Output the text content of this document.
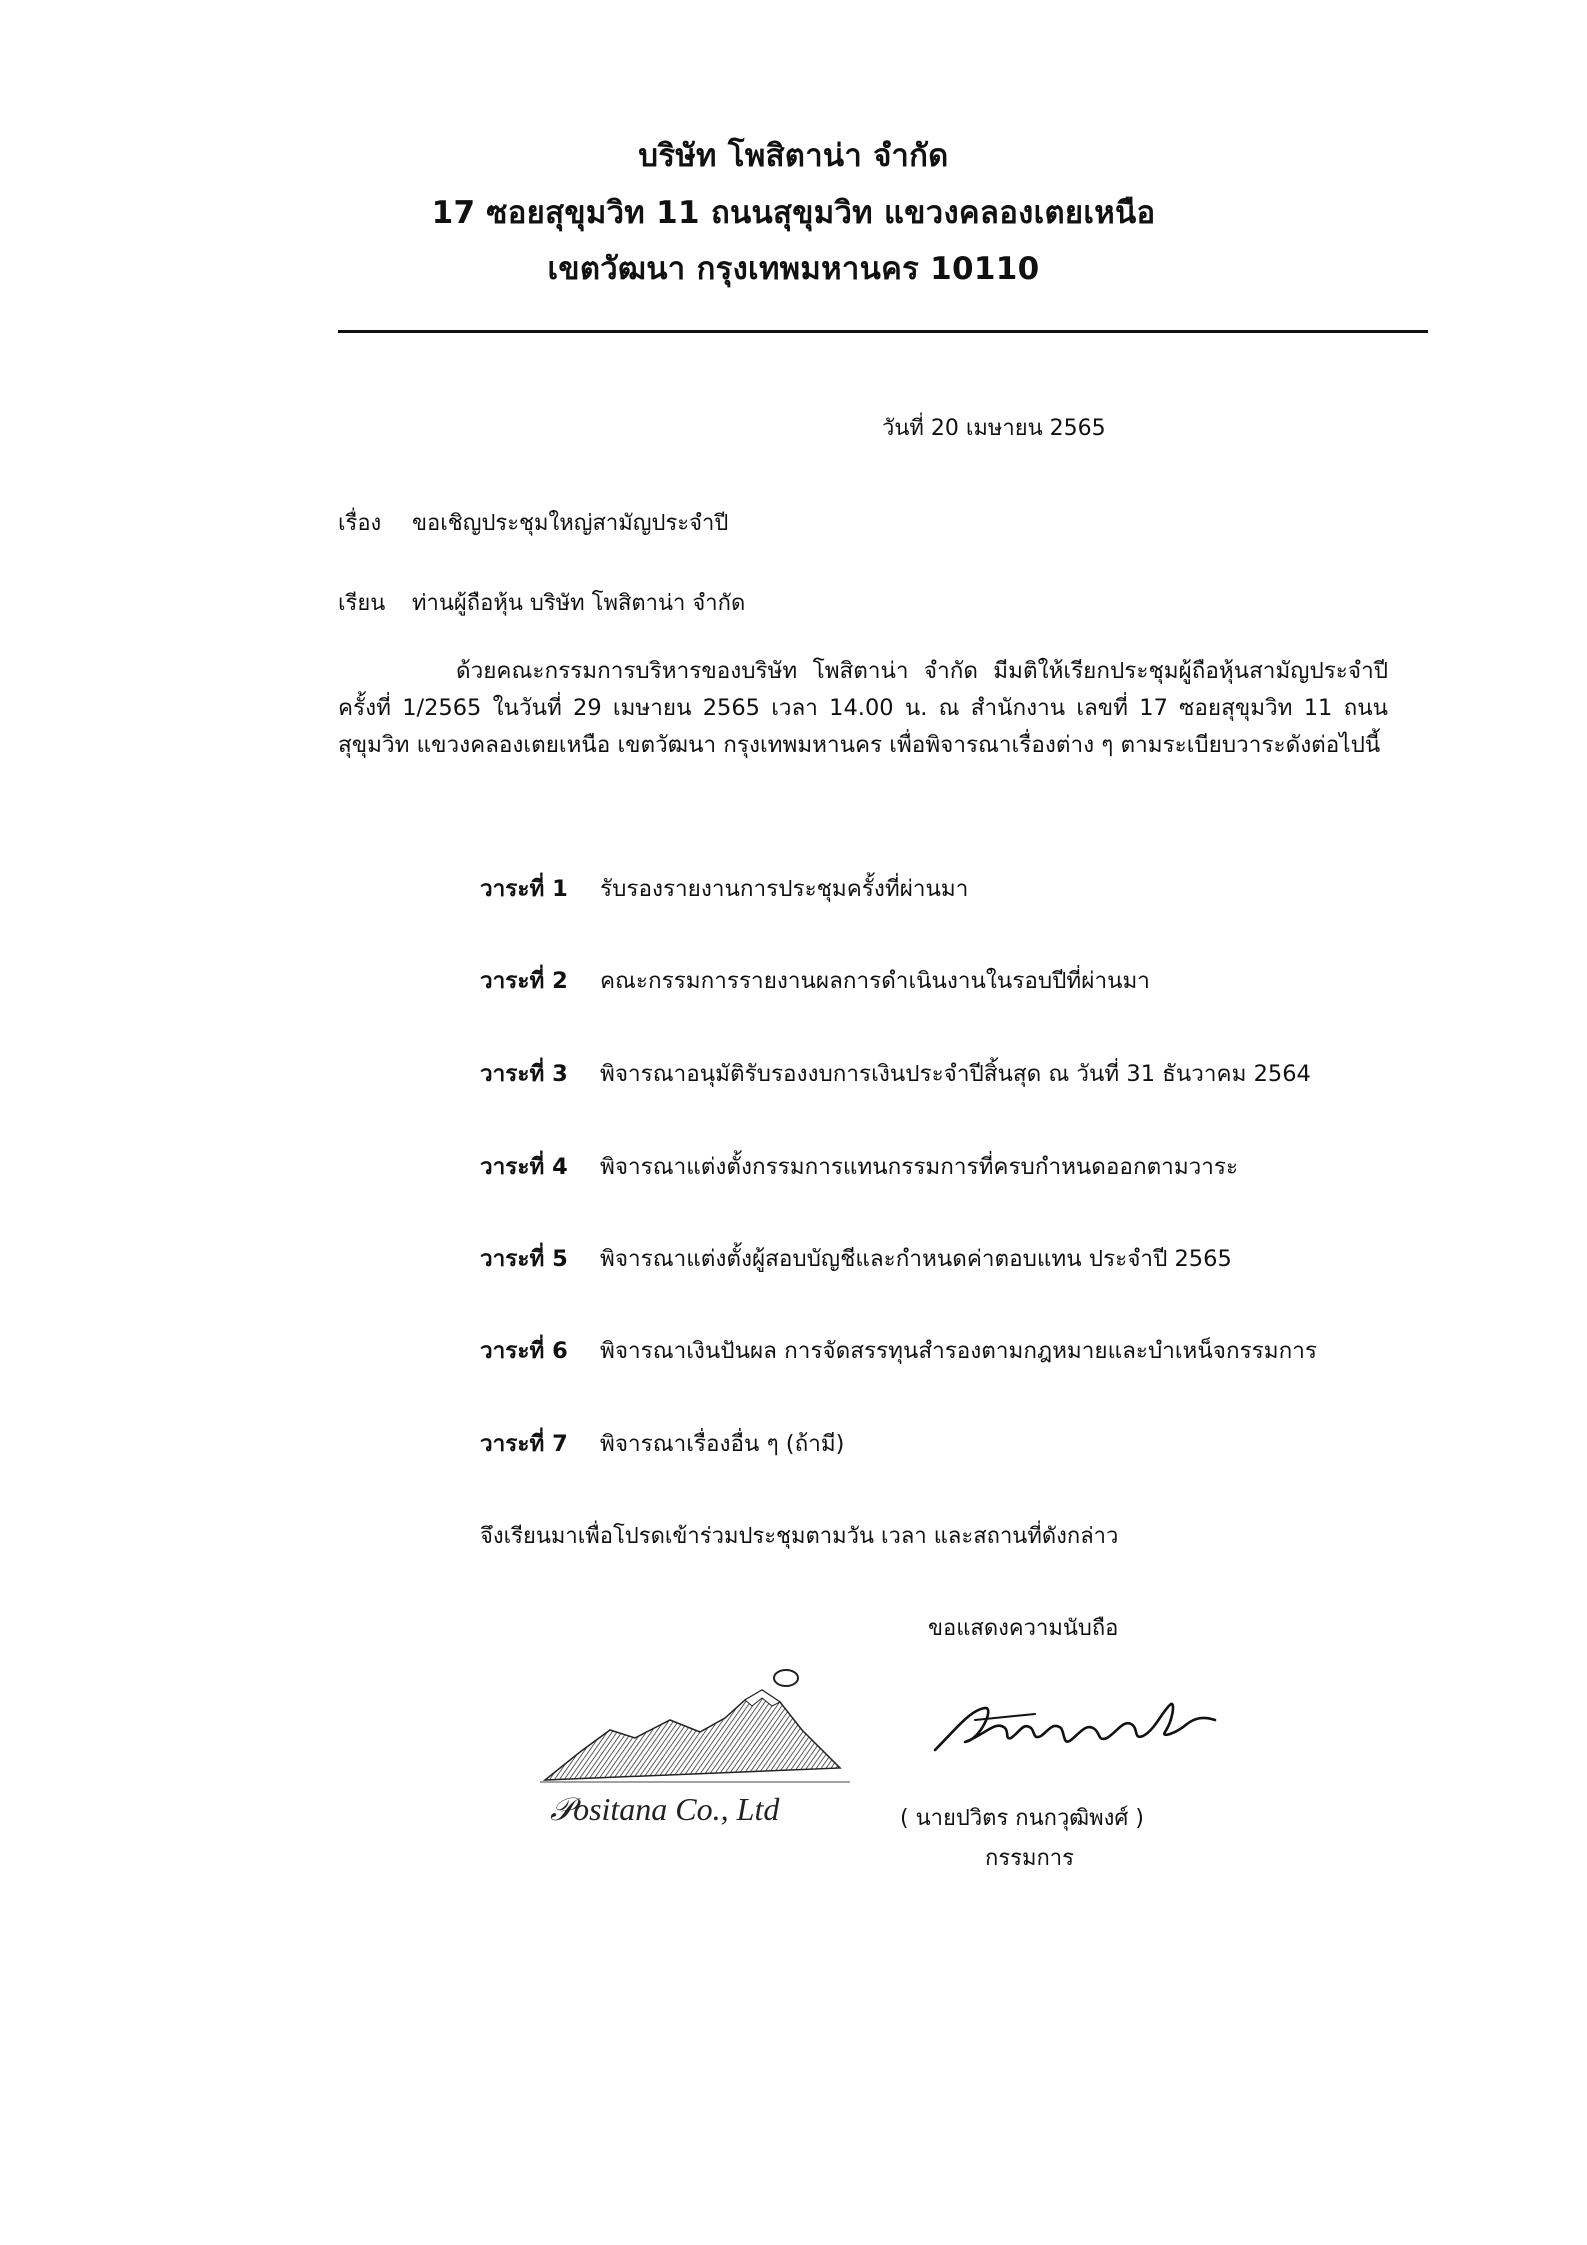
บริษัท โพสิตาน่า จำกัด
17 ซอยสุขุมวิท 11 ถนนสุขุมวิท แขวงคลองเตยเหนือ
เขตวัฒนา กรุงเทพมหานคร 10110
วันที่ 20 เมษายน 2565
เรื่อง ขอเชิญประชุมใหญ่สามัญประจำปี
เรียน ท่านผู้ถือหุ้น บริษัท โพสิตาน่า จำกัด
ด้วยคณะกรรมการบริหารของบริษัท โพสิตาน่า จำกัด มีมติให้เรียกประชุมผู้ถือหุ้นสามัญประจำปี ครั้งที่ 1/2565 ในวันที่ 29 เมษายน 2565 เวลา 14.00 น. ณ สำนักงาน เลขที่ 17 ซอยสุขุมวิท 11 ถนนสุขุมวิท แขวงคลองเตยเหนือ เขตวัฒนา กรุงเทพมหานคร เพื่อพิจารณาเรื่องต่าง ๆ ตามระเบียบวาระดังต่อไปนี้
วาระที่ 1 รับรองรายงานการประชุมครั้งที่ผ่านมา
วาระที่ 2 คณะกรรมการรายงานผลการดำเนินงานในรอบปีที่ผ่านมา
วาระที่ 3 พิจารณาอนุมัติรับรองงบการเงินประจำปีสิ้นสุด ณ วันที่ 31 ธันวาคม 2564
วาระที่ 4 พิจารณาแต่งตั้งกรรมการแทนกรรมการที่ครบกำหนดออกตามวาระ
วาระที่ 5 พิจารณาแต่งตั้งผู้สอบบัญชีและกำหนดค่าตอบแทน ประจำปี 2565
วาระที่ 6 พิจารณาเงินปันผล การจัดสรรทุนสำรองตามกฎหมายและบำเหน็จกรรมการ
วาระที่ 7 พิจารณาเรื่องอื่น ๆ (ถ้ามี)
จึงเรียนมาเพื่อโปรดเข้าร่วมประชุมตามวัน เวลา และสถานที่ดังกล่าว
ขอแสดงความนับถือ
𝒫ositana Co., Ltd	( นายปวิตร กนกวุฒิพงศ์ )
กรรมการ
